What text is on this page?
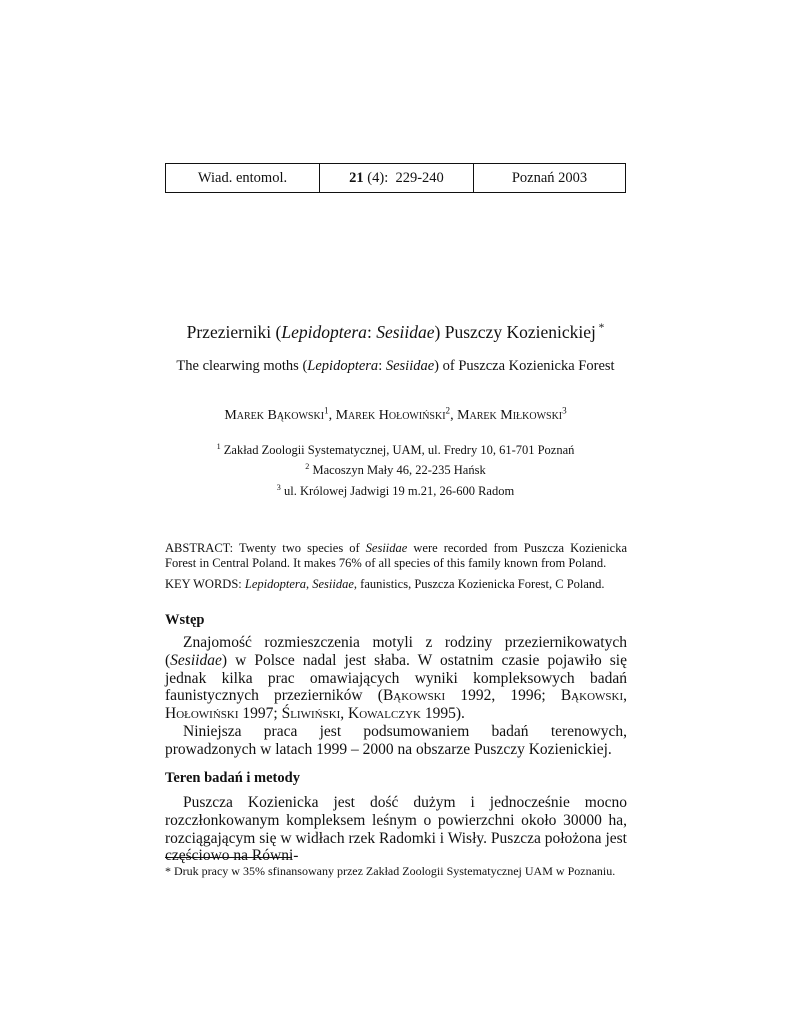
Wiad. entomol.	21 (4):  229-240	Poznań 2003
Przezierniki (Lepidoptera: Sesiidae) Puszczy Kozienickiej *
The clearwing moths (Lepidoptera: Sesiidae) of Puszcza Kozienicka Forest
Marek Bąkowski$^1$, Marek Hołowiński$^2$, Marek Miłkowski$^3$
$^1$ Zakład Zoologii Systematycznej, UAM, ul. Fredry 10, 61-701 Poznań
$^2$ Macoszyn Mały 46, 22-235 Hańsk
$^3$ ul. Królowej Jadwigi 19 m.21, 26-600 Radom
ABSTRACT: Twenty two species of Sesiidae were recorded from Puszcza Kozienicka Forest in Central Poland. It makes 76% of all species of this family known from Poland.
KEY WORDS: Lepidoptera, Sesiidae, faunistics, Puszcza Kozienicka Forest, C Poland.
Wstęp

Znajomość rozmieszczenia motyli z rodziny przeziernikowatych (Sesiidae) w Polsce nadal jest słaba. W ostatnim czasie pojawiło się jednak kilka prac omawiających wyniki kompleksowych badań faunistycznych przezierników (Bąkowski 1992, 1996; Bąkowski, Hołowiński 1997; Śliwiński, Kowalczyk 1995).

Niniejsza praca jest podsumowaniem badań terenowych, prowadzonych w latach 1999 – 2000 na obszarze Puszczy Kozienickiej.

Teren badań i metody

Puszcza Kozienicka jest dość dużym i jednocześnie mocno rozczłonkowanym kompleksem leśnym o powierzchni około 30000 ha, rozciągającym się w widłach rzek Radomki i Wisły. Puszcza położona jest częściowo na Równi-

* Druk pracy w 35% sfinansowany przez Zakład Zoologii Systematycznej UAM w Poznaniu.
